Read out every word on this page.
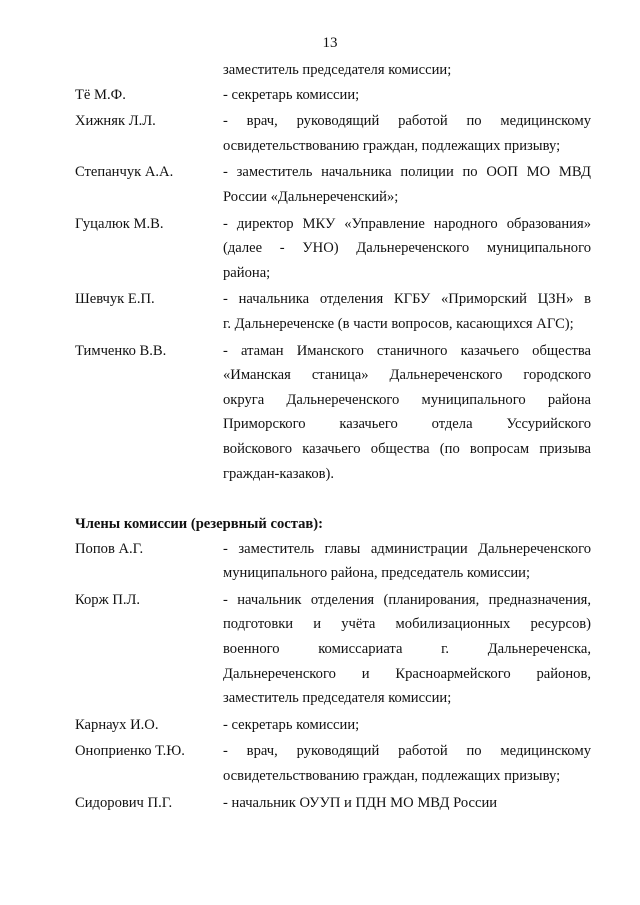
13
заместитель председателя комиссии;
Тё М.Ф.	- секретарь комиссии;
Хижняк Л.Л.	- врач, руководящий работой по медицинскому
освидетельствованию граждан, подлежащих призыву;
Степанчук А.А.	- заместитель начальника полиции по ООП МО МВД
России «Дальнереченский»;
Гуцалюк М.В.	- директор МКУ «Управление народного образования»
(далее - УНО) Дальнереченского муниципального
района;
Шевчук Е.П.	- начальника отделения КГБУ «Приморский ЦЗН» в
г. Дальнереченске (в части вопросов, касающихся АГС);
Тимченко В.В.	- атаман Иманского станичного казачьего общества
«Иманская станица» Дальнереченского городского
округа Дальнереченского муниципального района
Приморского казачьего отдела Уссурийского
войскового казачьего общества (по вопросам призыва
граждан-казаков).
Члены комиссии (резервный состав):
Попов А.Г.	- заместитель главы администрации Дальнереченского
муниципального района, председатель комиссии;
Корж П.Л.	- начальник отделения (планирования, предназначения,
подготовки и учёта мобилизационных ресурсов)
военного комиссариата г. Дальнереченска,
Дальнереченского и Красноармейского районов,
заместитель председателя комиссии;
Карнаух И.О.	- секретарь комиссии;
Оноприенко Т.Ю.	- врач, руководящий работой по медицинскому
освидетельствованию граждан, подлежащих призыву;
Сидорович П.Г.	- начальник ОУУП и ПДН МО МВД России
